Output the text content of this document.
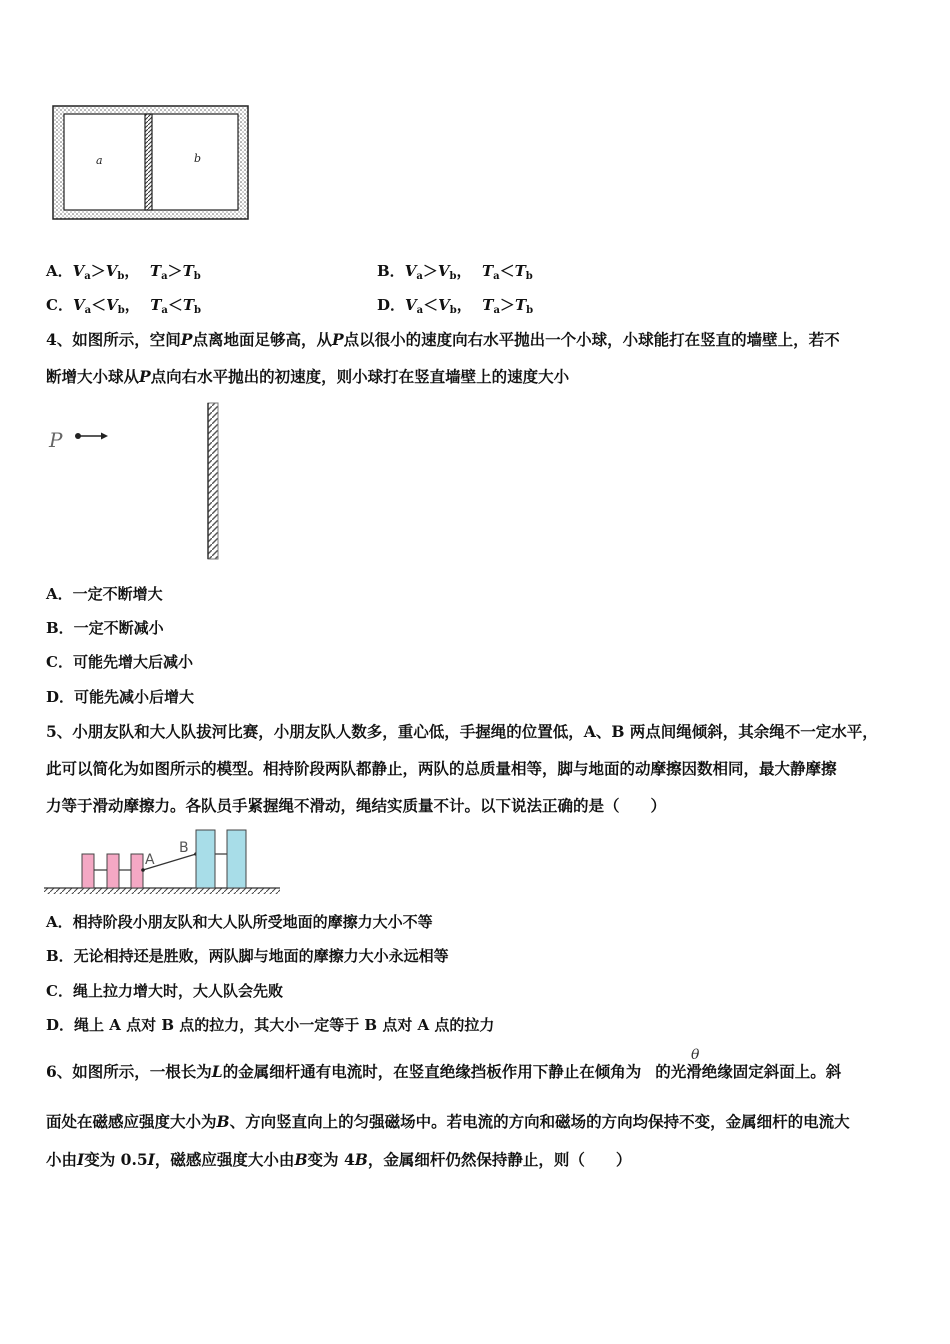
a	b
A．$V_a>V_b$， $T_a>T_b$	B．$V_a>V_b$， $T_a<T_b$
C．$V_a<V_b$， $T_a<T_b$	D．$V_a<V_b$， $T_a>T_b$
4、如图所示，空间P点离地面足够高，从P点以很小的速度向右水平抛出一个小球，小球能打在竖直的墙壁上，若不
断增大小球从P点向右水平抛出的初速度，则小球打在竖直墙壁上的速度大小
P
A．一定不断增大
B．一定不断减小
C．可能先增大后减小
D．可能先减小后增大
5、小朋友队和大人队拔河比赛，小朋友队人数多，重心低，手握绳的位置低，A、B 两点间绳倾斜，其余绳不一定水平，
此可以简化为如图所示的模型。相持阶段两队都静止，两队的总质量相等，脚与地面的动摩擦因数相同，最大静摩擦
力等于滑动摩擦力。各队员手紧握绳不滑动，绳结实质量不计。以下说法正确的是（　　）
A
B
A．相持阶段小朋友队和大人队所受地面的摩擦力大小不等
B．无论相持还是胜败，两队脚与地面的摩擦力大小永远相等
C．绳上拉力增大时，大人队会先败
D．绳上 A 点对 B 点的拉力，其大小一定等于 B 点对 A 点的拉力
θ
6、如图所示，一根长为L的金属细杆通有电流时，在竖直绝缘挡板作用下静止在倾角为 的光滑绝缘固定斜面上。斜
面处在磁感应强度大小为B、方向竖直向上的匀强磁场中。若电流的方向和磁场的方向均保持不变，金属细杆的电流大
小由I变为 0.5I，磁感应强度大小由B变为 4B，金属细杆仍然保持静止，则（　　）
